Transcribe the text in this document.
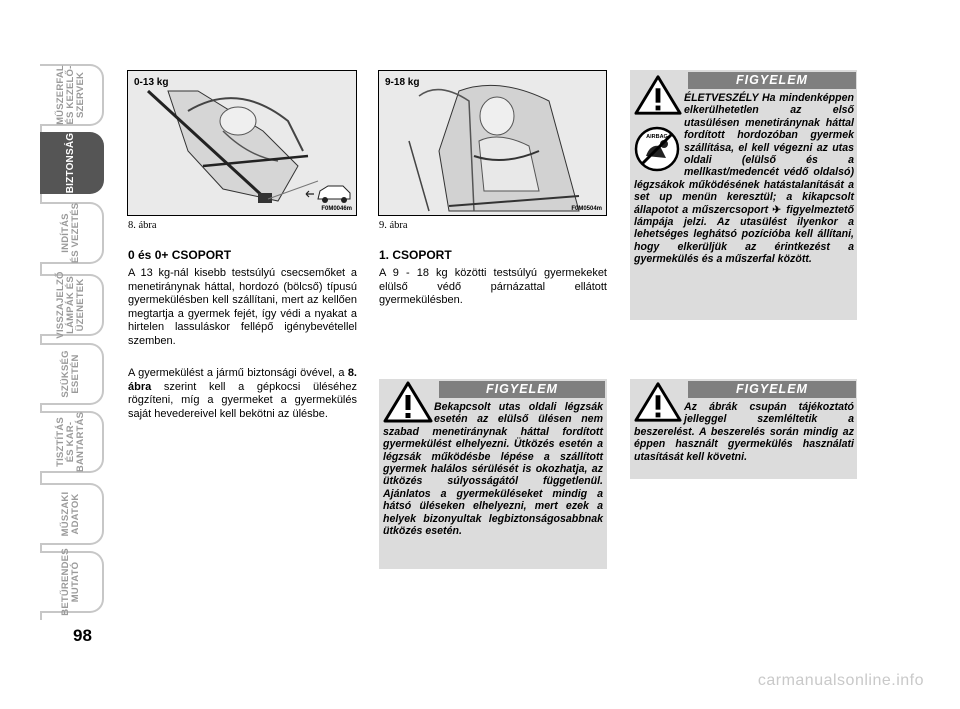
MŰSZERFAL
ÉS KEZELŐ-
SZERVEK
BIZTONSÁG
INDÍTÁS
ÉS VEZETÉS
VISSZAJELZŐ
LÁMPÁK ÉS
ÜZENETEK
SZÜKSÉG
ESETÉN
TISZTÍTÁS
ÉS KAR-
BANTARTÁS
MŰSZAKI
ADATOK
BETŰRENDES
MUTATÓ
98
0-13 kg
F0M0046m
8. ábra
9-18 kg
F0M0504m
9. ábra
0 és 0+ CSOPORT

A 13 kg-nál kisebb testsúlyú csecsemőket a menetiránynak háttal, hordozó (bölcső) típusú gyermekülésben kell szállítani, mert az kellően megtartja a gyermek fejét, így védi a nyakat a hirtelen lassuláskor fellépő igénybevétellel szemben.

A gyermekülést a jármű biztonsági övével, a 8. ábra szerint kell a gépkocsi üléséhez rögzíteni, míg a gyermeket a gyermekülés saját hevedereivel kell bekötni az ülésbe.

1. CSOPORT

A 9 - 18 kg közötti testsúlyú gyermekeket elülső védő párnázattal ellátott gyermekülésben.

FIGYELEM
Bekapcsolt utas oldali légzsák esetén az elülső ülésen nem szabad menetiránynak háttal fordított gyermekülést elhelyezni. Ütközés esetén a légzsák működésbe lépése a szállított gyermek halálos sérülését is okozhatja, az ütközés súlyosságától függetlenül. Ajánlatos a gyermeküléseket mindig a hátsó üléseken elhelyezni, mert ezek a helyek bizonyultak legbiztonságosabbnak ütközés esetén.
FIGYELEM
AIRBAG
ÉLETVESZÉLY Ha mindenképpen elkerülhetetlen az első utasülésen menetiránynak háttal fordított hordozóban gyermek szállítása, el kell végezni az utas oldali (elülső és a mellkast/medencét védő oldalsó) légzsákok működésének hatástalanítását a set up menün keresztül; a kikapcsolt állapotot a műszercsoport ✈ figyelmeztető lámpája jelzi. Az utasülést ilyenkor a lehetséges leghátsó pozícióba kell állítani, hogy elkerüljük az érintkezést a gyermekülés és a műszerfal között.
FIGYELEM
Az ábrák csupán tájékoztató jelleggel szemléltetik a beszerelést. A beszerelés során mindig az éppen használt gyermekülés használati utasítását kell követni.
carmanualsonline.info
